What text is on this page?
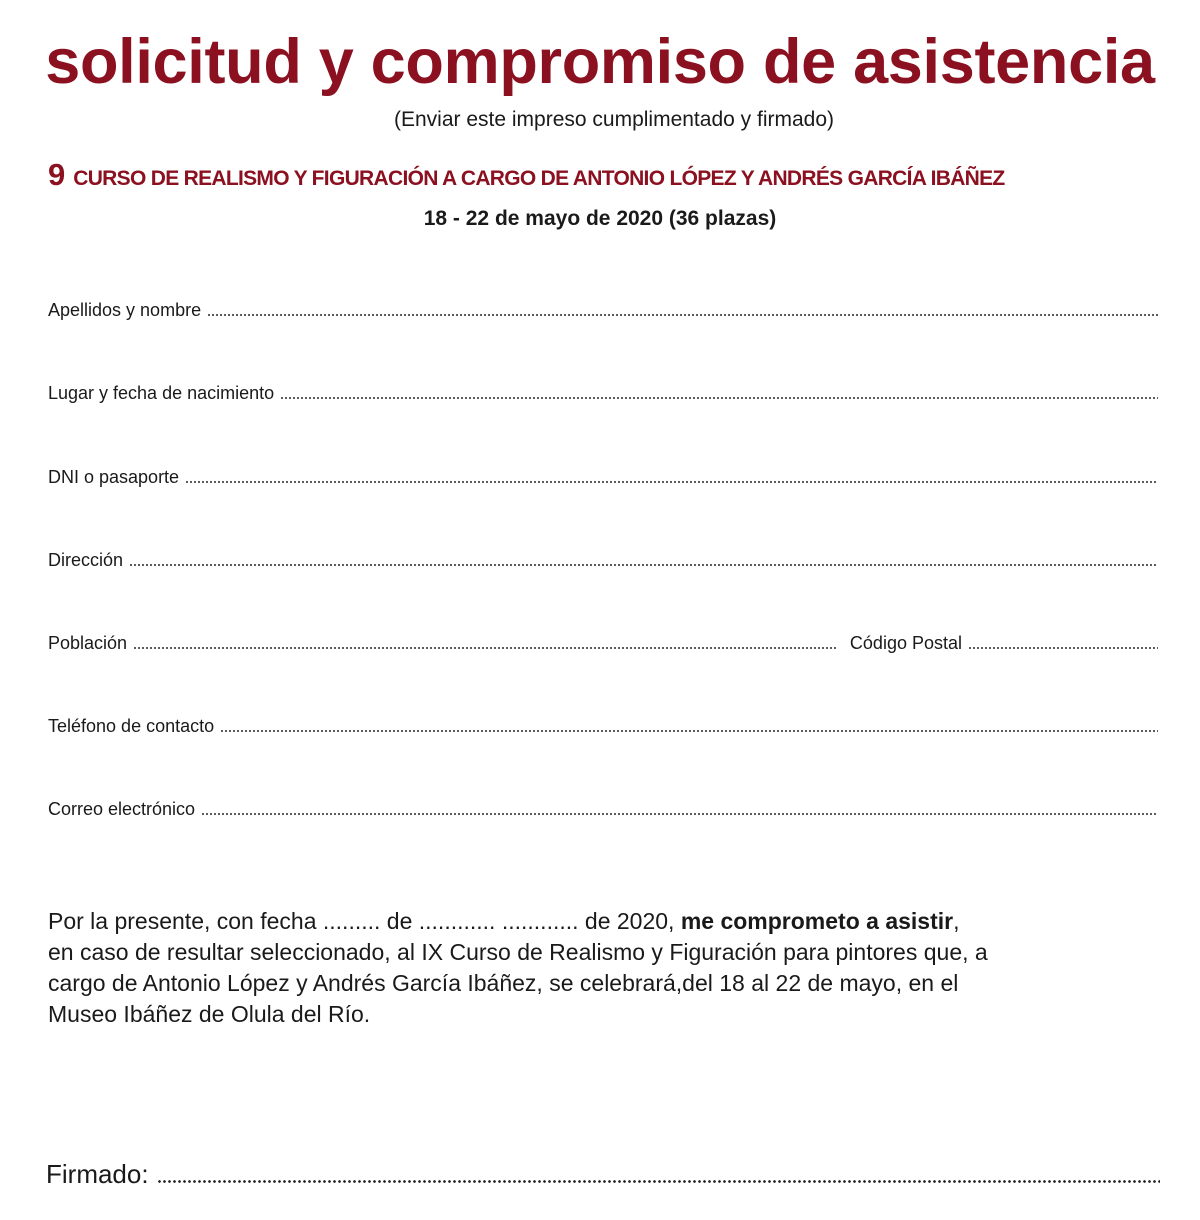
solicitud y compromiso de asistencia
(Enviar este impreso cumplimentado y firmado)
9 CURSO DE REALISMO Y FIGURACIÓN A CARGO DE ANTONIO LÓPEZ Y ANDRÉS GARCÍA IBÁÑEZ
18 - 22 de mayo de 2020 (36 plazas)
Apellidos y nombre
Lugar y fecha de nacimiento
DNI o pasaporte
Dirección
Población	Código Postal
Teléfono de contacto
Correo electrónico
Por la presente, con fecha ......... de ............ ............ de 2020, me comprometo a asistir,
en caso de resultar seleccionado, al IX Curso de Realismo y Figuración para pintores que, a
cargo de Antonio López y Andrés García Ibáñez, se celebrará,del 18 al 22 de mayo, en el
Museo Ibáñez de Olula del Río.
Firmado:
